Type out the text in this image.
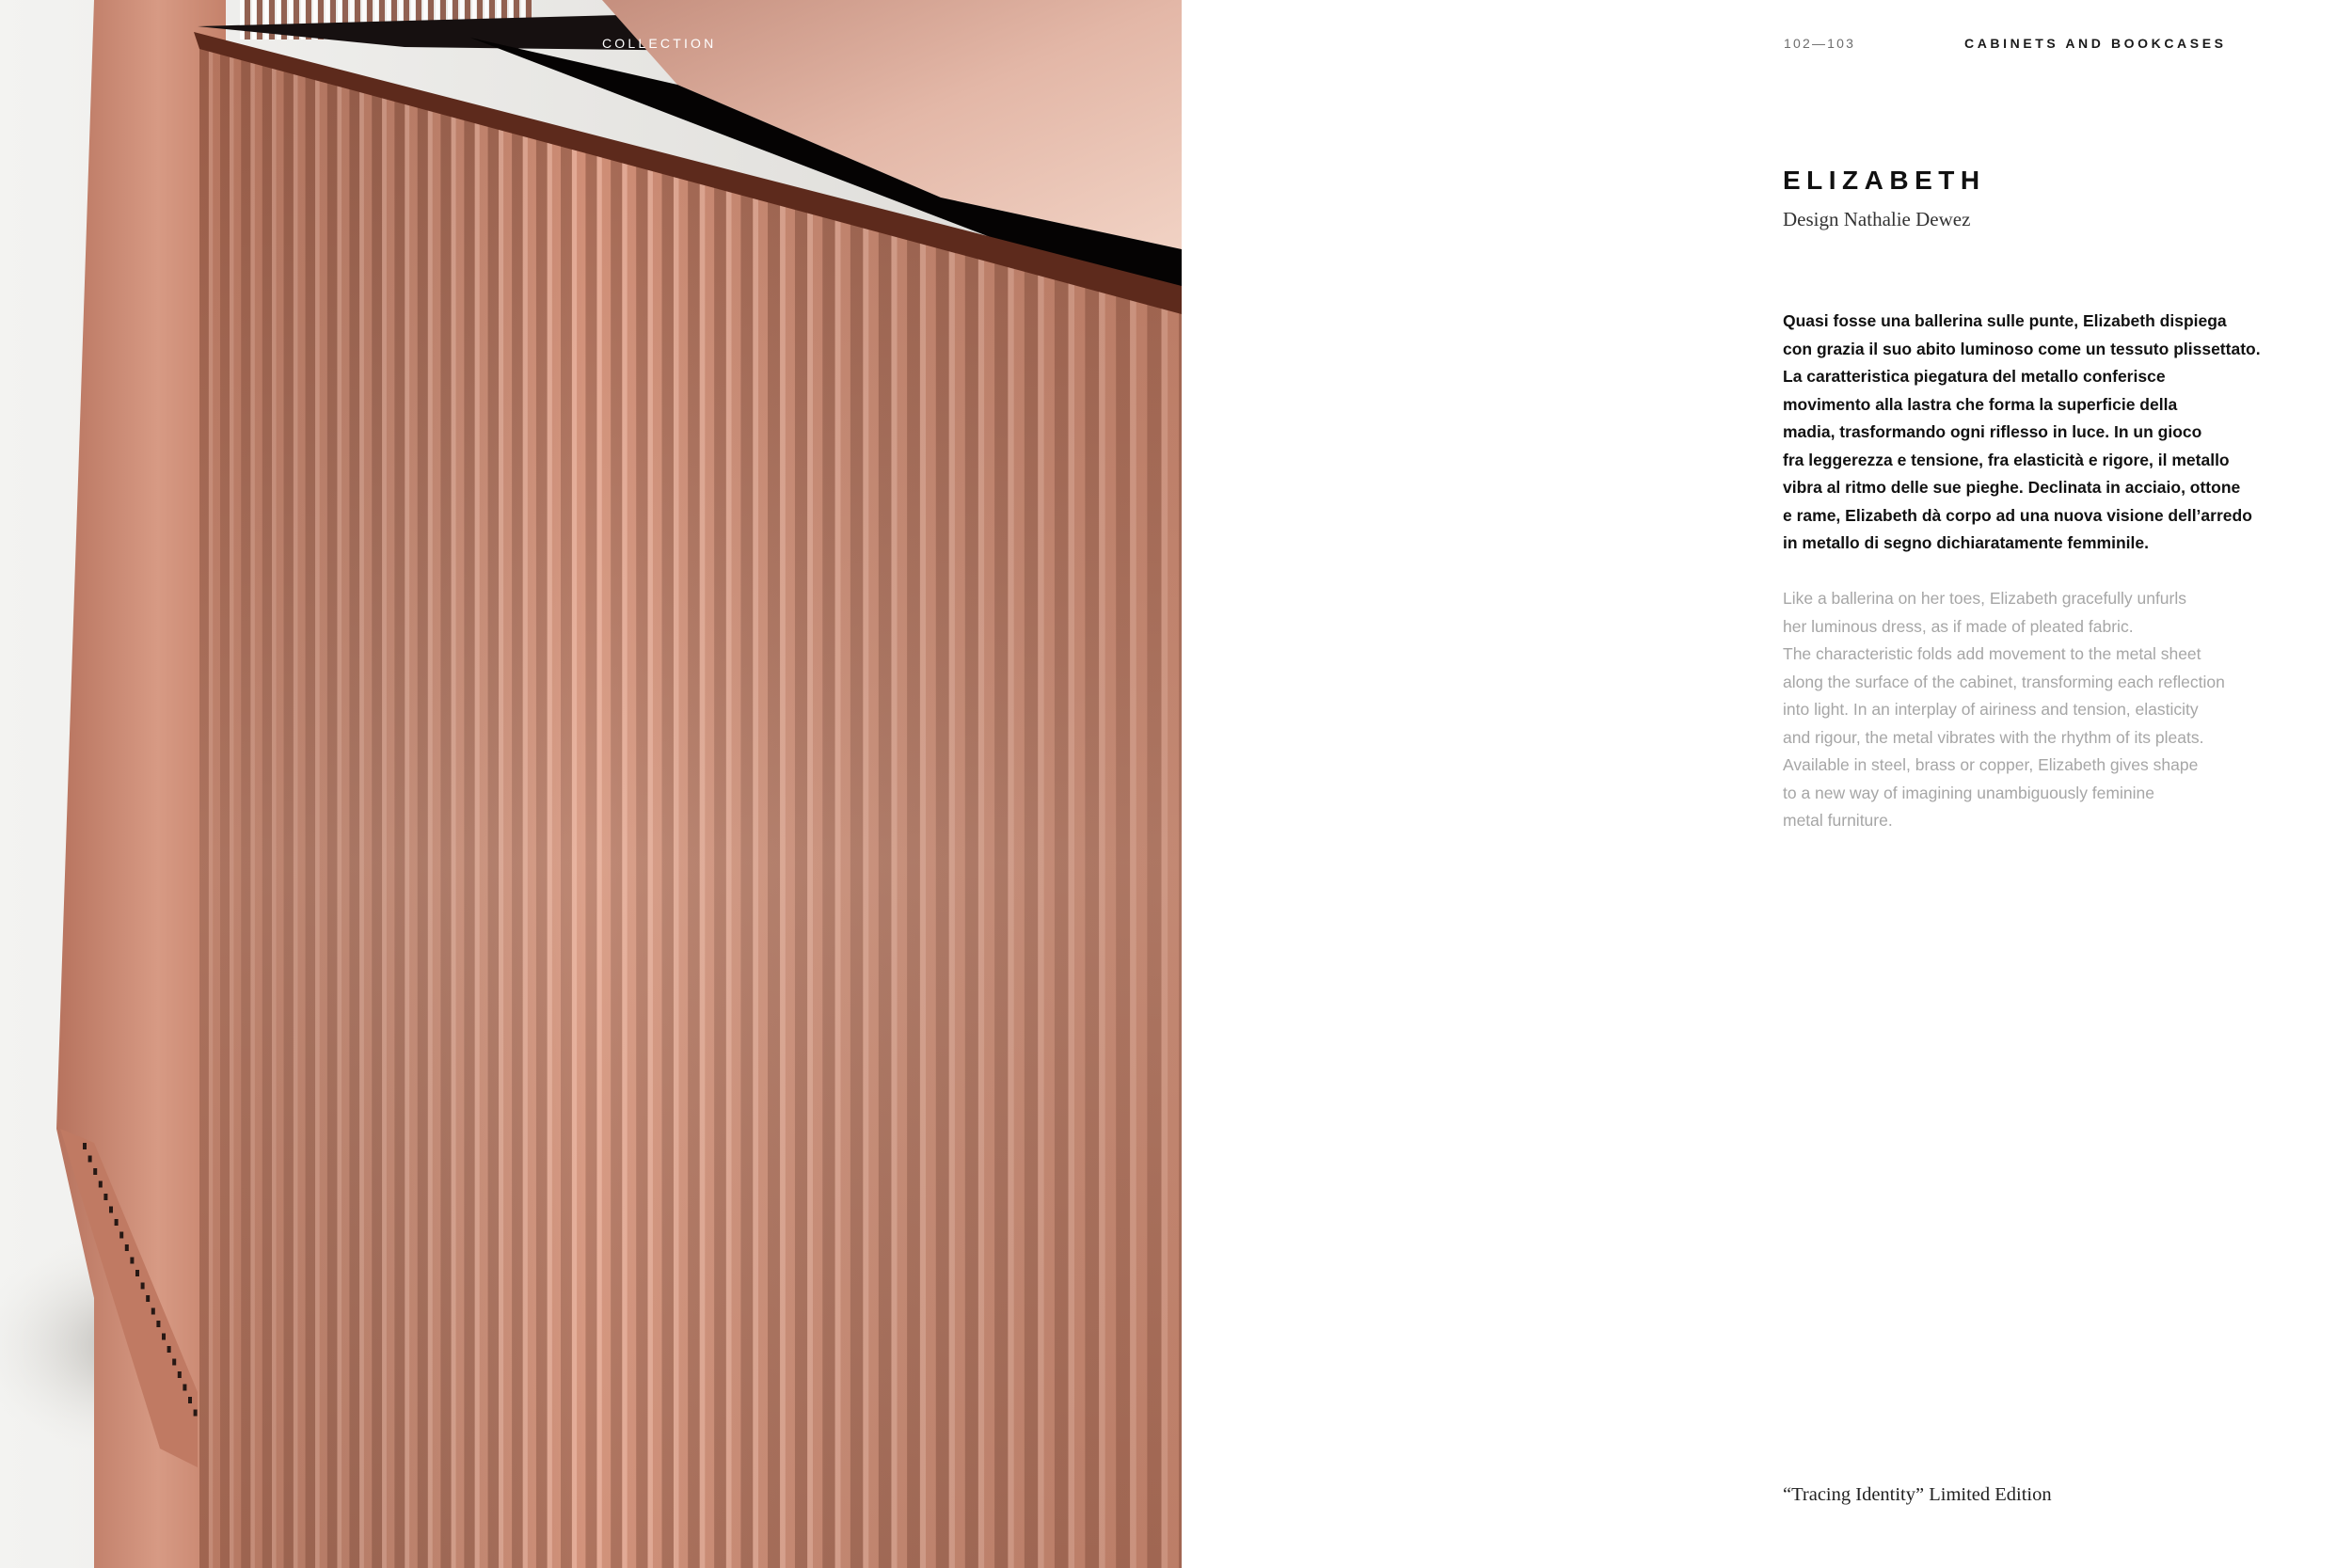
COLLECTION	102—103	CABINETS AND BOOKCASES
ELIZABETH
Design Nathalie Dewez

Quasi fosse una ballerina sulle punte, Elizabeth dispiega
con grazia il suo abito luminoso come un tessuto plissettato.
La caratteristica piegatura del metallo conferisce
movimento alla lastra che forma la superficie della
madia, trasformando ogni riflesso in luce. In un gioco
fra leggerezza e tensione, fra elasticità e rigore, il metallo
vibra al ritmo delle sue pieghe. Declinata in acciaio, ottone
e rame, Elizabeth dà corpo ad una nuova visione dell’arredo
in metallo di segno dichiaratamente femminile.

Like a ballerina on her toes, Elizabeth gracefully unfurls
her luminous dress, as if made of pleated fabric.
The characteristic folds add movement to the metal sheet
along the surface of the cabinet, transforming each reflection
into light. In an interplay of airiness and tension, elasticity
and rigour, the metal vibrates with the rhythm of its pleats.
Available in steel, brass or copper, Elizabeth gives shape
to a new way of imagining unambiguously feminine
metal furniture.

“Tracing Identity” Limited Edition
